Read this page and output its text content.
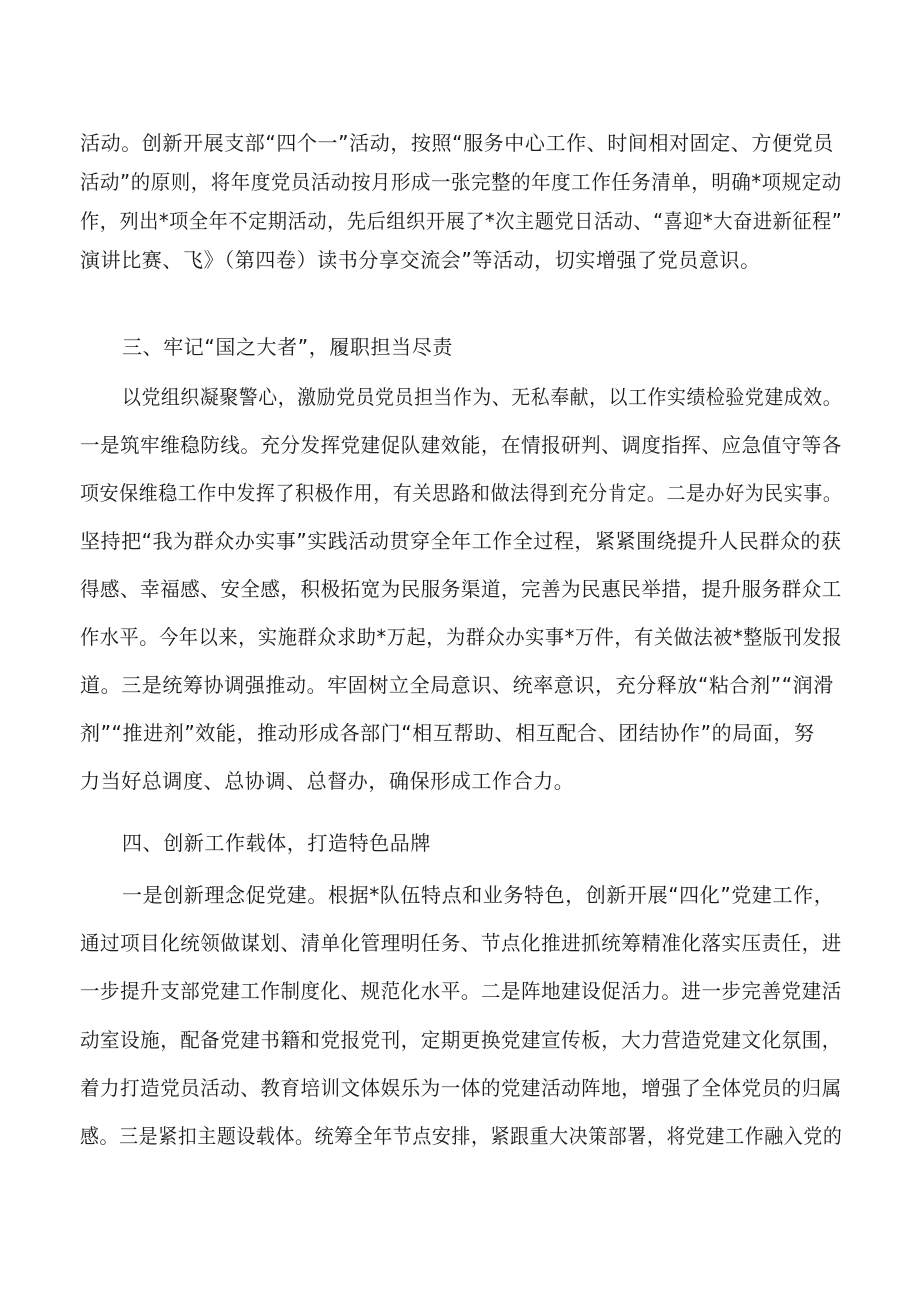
活动。创新开展支部“四个一”活动，按照“服务中心工作、时间相对固定、方便党员
活动”的原则，将年度党员活动按月形成一张完整的年度工作任务清单，明确*项规定动
作，列出*项全年不定期活动，先后组织开展了*次主题党日活动、“喜迎*大奋进新征程”
演讲比赛、飞》（第四卷）读书分享交流会”等活动，切实增强了党员意识。
三、牢记“国之大者”，履职担当尽责
以党组织凝聚警心，激励党员党员担当作为、无私奉献，以工作实绩检验党建成效。
一是筑牢维稳防线。充分发挥党建促队建效能，在情报研判、调度指挥、应急值守等各
项安保维稳工作中发挥了积极作用，有关思路和做法得到充分肯定。二是办好为民实事。
坚持把“我为群众办实事”实践活动贯穿全年工作全过程，紧紧围绕提升人民群众的获
得感、幸福感、安全感，积极拓宽为民服务渠道，完善为民惠民举措，提升服务群众工
作水平。今年以来，实施群众求助*万起，为群众办实事*万件，有关做法被*整版刊发报
道。三是统筹协调强推动。牢固树立全局意识、统率意识，充分释放“粘合剂”“润滑
剂”“推进剂”效能，推动形成各部门“相互帮助、相互配合、团结协作”的局面，努
力当好总调度、总协调、总督办，确保形成工作合力。
四、创新工作载体，打造特色品牌
一是创新理念促党建。根据*队伍特点和业务特色，创新开展“四化”党建工作，
通过项目化统领做谋划、清单化管理明任务、节点化推进抓统筹精准化落实压责任，进
一步提升支部党建工作制度化、规范化水平。二是阵地建设促活力。进一步完善党建活
动室设施，配备党建书籍和党报党刊，定期更换党建宣传板，大力营造党建文化氛围，
着力打造党员活动、教育培训文体娱乐为一体的党建活动阵地，增强了全体党员的归属
感。三是紧扣主题设载体。统筹全年节点安排，紧跟重大决策部署，将党建工作融入党的
